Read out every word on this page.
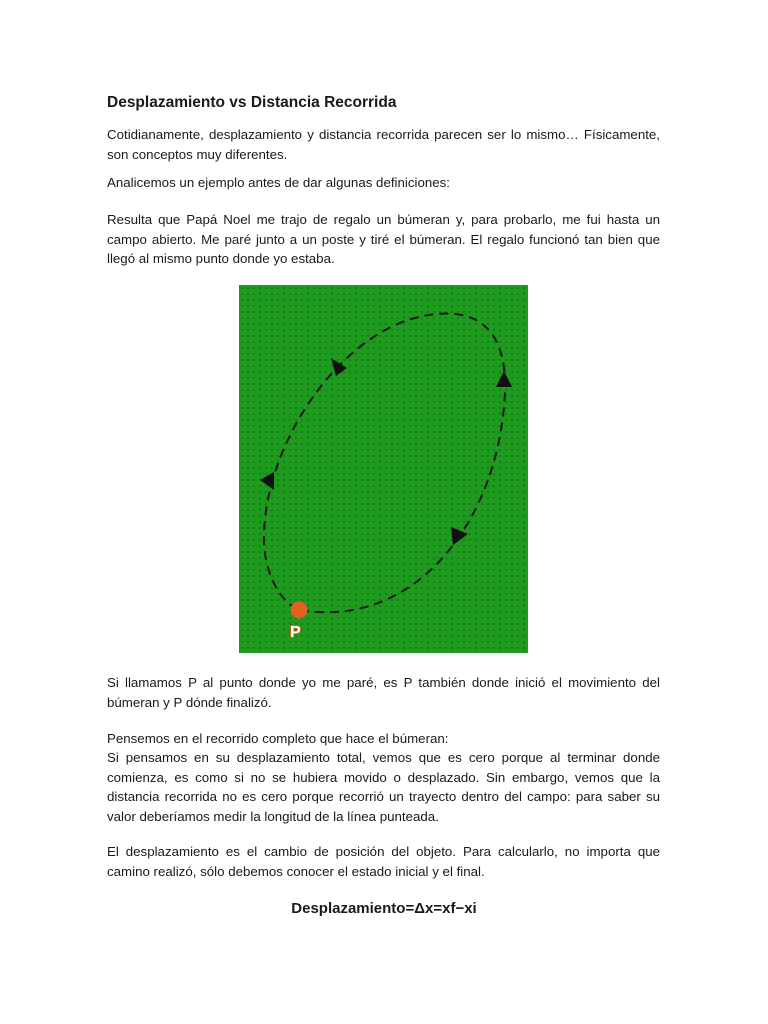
Desplazamiento vs Distancia Recorrida

Cotidianamente, desplazamiento y distancia recorrida parecen ser lo mismo… Físicamente, son conceptos muy diferentes.

Analicemos un ejemplo antes de dar algunas definiciones:

Resulta que Papá Noel me trajo de regalo un búmeran y, para probarlo, me fui hasta un campo abierto. Me paré junto a un poste y tiré el búmeran. El regalo funcionó tan bien que llegó al mismo punto donde yo estaba.

Si llamamos P al punto donde yo me paré, es P también donde inició el movimiento del búmeran y P dónde finalizó.

Pensemos en el recorrido completo que hace el búmeran:

Si pensamos en su desplazamiento total, vemos que es cero porque al terminar donde comienza, es como si no se hubiera movido o desplazado. Sin embargo, vemos que la distancia recorrida no es cero porque recorrió un trayecto dentro del campo: para saber su valor deberíamos medir la longitud de la línea punteada.

El desplazamiento es el cambio de posición del objeto. Para calcularlo, no importa que camino realizó, sólo debemos conocer el estado inicial y el final.

P

Desplazamiento=Δx=xf−xi
